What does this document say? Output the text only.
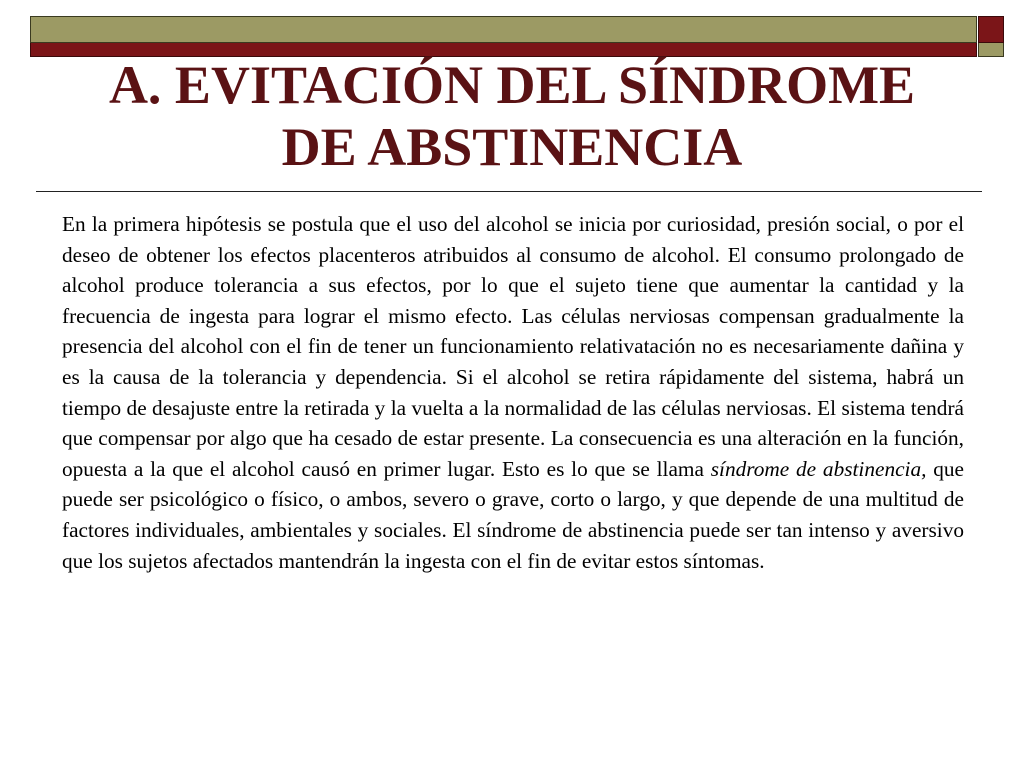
A. EVITACIÓN DEL SÍNDROME
DE ABSTINENCIA

En la primera hipótesis se postula que el uso del alcohol se inicia por curiosidad, presión social, o por el deseo de obtener los efectos placenteros atribuidos al consumo de alcohol. El consumo prolongado de alcohol produce tolerancia a sus efectos, por lo que el sujeto tiene que aumentar la cantidad y la frecuencia de ingesta para lograr el mismo efecto. Las células nerviosas compensan gradualmente la presencia del alcohol con el fin de tener un funcionamiento relativatación no es necesariamente dañina y es la causa de la tolerancia y dependencia. Si el alcohol se retira rápidamente del sistema, habrá un tiempo de desajuste entre la retirada y la vuelta a la normalidad de las células nerviosas. El sistema tendrá que compensar por algo que ha cesado de estar presente. La consecuencia es una alteración en la función, opuesta a la que el alcohol causó en primer lugar. Esto es lo que se llama síndrome de abstinencia, que puede ser psicológico o físico, o ambos, severo o grave, corto o largo, y que depende de una multitud de factores individuales, ambientales y sociales. El síndrome de abstinencia puede ser tan intenso y aversivo que los sujetos afectados mantendrán la ingesta con el fin de evitar estos síntomas.
